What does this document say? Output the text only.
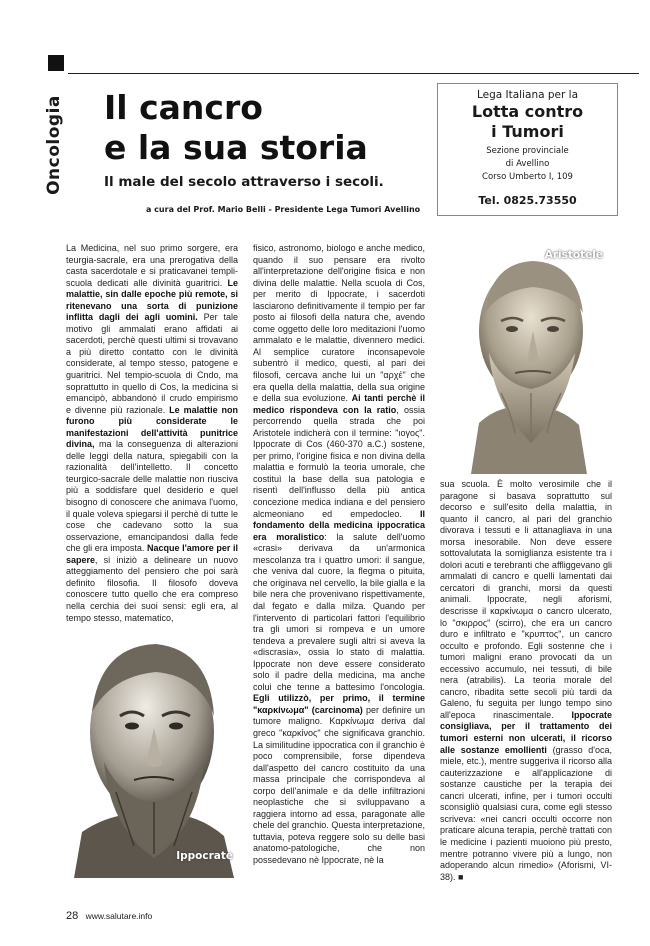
Oncologia Il cancro
e la sua storia
Il male del secolo attraverso i secoli.
a cura del Prof. Mario Belli - Presidente Lega Tumori Avellino
Lega Italiana per la
Lotta contro
i Tumori
Sezione provinciale
di Avellino
Corso Umberto I, 109
Tel. 0825.73550

La Medicina, nel suo primo sorgere, era teurgia-sacrale, era una prerogativa della casta sacerdotale e si praticavanei templi-scuola dedicati alle divinità guaritrici. Le malattie, sin dalle epoche più remote, si ritenevano una sorta di punizione inflitta dagli dei agli uomini. Per tale motivo gli ammalati erano affidati ai sacerdoti, perchè questi ultimi si trovavano a più diretto contatto con le divinità considerate, al tempo stesso, patogene e guaritrici. Nel tempio-scuola di Cndo, ma soprattutto in quello di Cos, la medicina si emancipò, abbandonò il crudo empirismo e divenne più razionale. Le malattie non furono più considerate le manifestazioni dell'attività punitrice divina, ma la conseguenza di alterazioni delle leggi della natura, spiegabili con la razionalità dell'intelletto. Il concetto teurgico-sacrale delle malattie non riusciva più a soddisfare quel desiderio e quel bisogno di conoscere che animava l'uomo, il quale voleva spiegarsi il perchè di tutte le cose che cadevano sotto la sua osservazione, emancipandosi dalla fede che gli era imposta. Nacque l'amore per il sapere, si iniziò a delineare un nuovo atteggiamento del pensiero che poi sarà definito filosofia. Il filosofo doveva conoscere tutto quello che era compreso nella cerchia dei suoi sensi: egli era, al tempo stesso, matematico,

fisico, astronomo, biologo e anche medico, quando il suo pensare era rivolto all'interpretazione dell'origine fisica e non divina delle malattie. Nella scuola di Cos, per merito di Ippocrate, i sacerdoti lasciarono definitivamente il tempio per far posto ai filosofi della natura che, avendo come oggetto delle loro meditazioni l'uomo ammalato e le malattie, divennero medici. Al semplice curatore inconsapevole subentrò il medico, questi, al pari dei filosofi, cercava anche lui un "αρχέ" che era quella della malattia, della sua origine e della sua evoluzione. Ai tanti perchè il medico rispondeva con la ratio, ossia percorrendo quella strada che poi Aristotele indicherà con il termine: "ιογος". Ippocrate di Cos (460-370 a.C.) sostene, per primo, l'origine fisica e non divina della malattia e formulò la teoria umorale, che costituì la base della sua patologia e risentì dell'influsso della più antica concezione medica indiana e del pensiero alcmeoniano ed empedocleo. Il fondamento della medicina ippocratica era moralistico: la salute dell'uomo «crasi» derivava da un'armonica mescolanza tra i quattro umori: il sangue, che veniva dal cuore, la flegma o pituita, che originava nel cervello, la bile gialla e la bile nera che provenivano rispettivamente, dal fegato e dalla milza. Quando per l'intervento di particolari fattori l'equilibrio tra gli umori si rompeva e un umore tendeva a prevalere sugli altri si aveva la «discrasia», ossia lo stato di malattia. Ippocrate non deve essere considerato solo il padre della medicina, ma anche colui che tenne a battesimo l'oncologia. Egli utilizzò, per primo, il termine "καρκίνωμα" (carcinoma) per definire un tumore maligno. Καρκίνωμα deriva dal greco "καρκίνος" che significava granchio. La similitudine ippocratica con il granchio è poco comprensibile, forse dipendeva dall'aspetto del cancro costituito da una massa principale che corrispondeva al corpo dell'animale e da delle infiltrazioni neoplastiche che si sviluppavano a raggiera intorno ad essa, paragonate alle chele del granchio. Questa interpretazione, tuttavia, poteva reggere solo su delle basi anatomo-patologiche, che non possedevano nè Ippocrate, nè la

Aristotele

sua scuola. È molto verosimile che il paragone si basava soprattutto sul decorso e sull'esito della malattia, in quanto il cancro, al pari del granchio divorava i tessuti e li attanagliava in una morsa inesorabile. Non deve essere sottovalutata la somiglianza esistente tra i dolori acuti e terebranti che affliggevano gli ammalati di cancro e quelli lamentati dai cercatori di granchi, morsi da questi animali. Ippocrate, negli aforismi, descrisse il καρκίνωμα o cancro ulcerato, lo "σκιρρος" (scirro), che era un cancro duro e infiltrato e "κρυπτος", un cancro occulto e profondo. Egli sostenne che i tumori maligni erano provocati da un eccessivo accumulo, nei tessuti, di bile nera (atrabilis). La teoria morale del cancro, ribadita sette secoli più tardi da Galeno, fu seguita per lungo tempo sino all'epoca rinascimentale. Ippocrate consigliava, per il trattamento dei tumori esterni non ulcerati, il ricorso alle sostanze emollienti (grasso d'oca, miele, etc.), mentre suggeriva il ricorso alla cauterizzazione e all'applicazione di sostanze caustiche per la terapia dei cancri ulcerati, infine, per i tumori occulti sconsigliò qualsiasi cura, come egli stesso scriveva: «nei cancri occulti occorre non praticare alcuna terapia, perchè trattati con le medicine i pazienti muoiono più presto, mentre potranno vivere più a lungo, non adoperando alcun rimedio» (Aforismi, VI-38). ■

Ippocrate
28 www.salutare.info
